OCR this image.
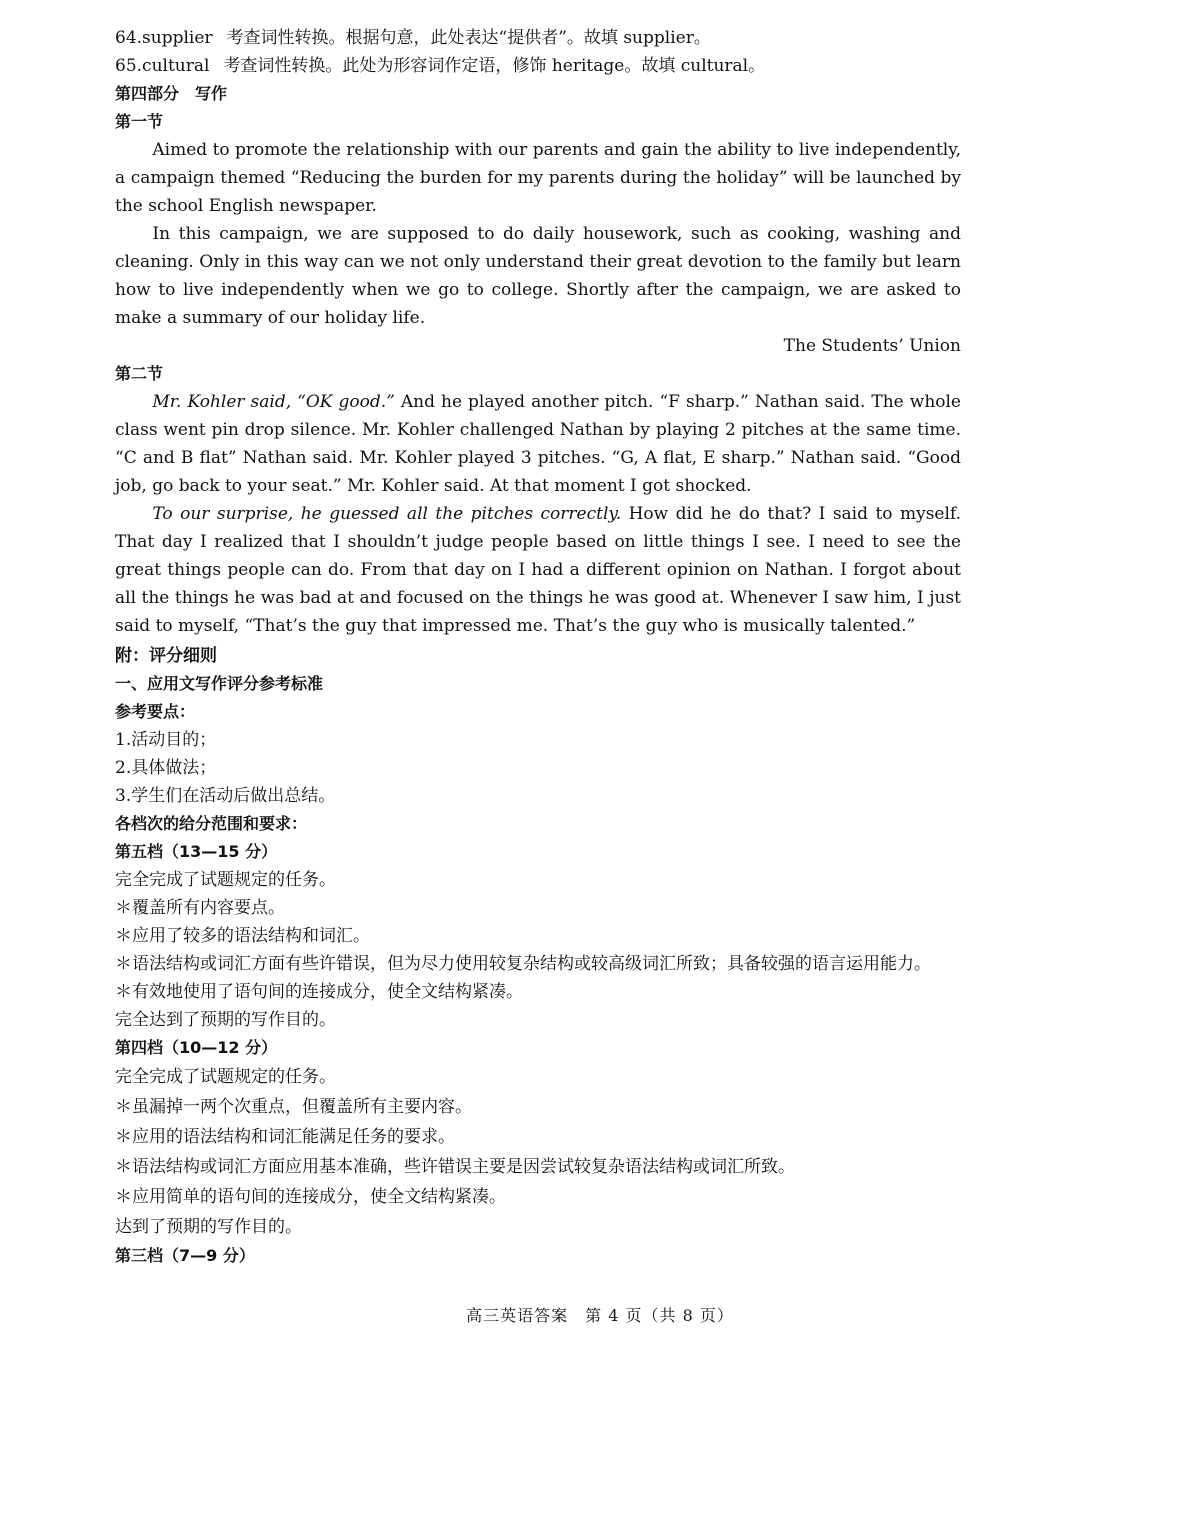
64.supplier 考查词性转换。根据句意，此处表达“提供者”。故填 supplier。
65.cultural 考查词性转换。此处为形容词作定语，修饰 heritage。故填 cultural。
第四部分　写作
第一节

Aimed to promote the relationship with our parents and gain the ability to live independently, a campaign themed “Reducing the burden for my parents during the holiday” will be launched by the school English newspaper.

In this campaign, we are supposed to do daily housework, such as cooking, washing and cleaning. Only in this way can we not only understand their great devotion to the family but learn how to live independently when we go to college. Shortly after the campaign, we are asked to make a summary of our holiday life.

The Students’ Union
第二节

Mr. Kohler said, “OK good.” And he played another pitch. “F sharp.” Nathan said. The whole class went pin drop silence. Mr. Kohler challenged Nathan by playing 2 pitches at the same time. “C and B flat” Nathan said. Mr. Kohler played 3 pitches. “G, A flat, E sharp.” Nathan said. “Good job, go back to your seat.” Mr. Kohler said. At that moment I got shocked.

To our surprise, he guessed all the pitches correctly. How did he do that? I said to myself. That day I realized that I shouldn’t judge people based on little things I see. I need to see the great things people can do. From that day on I had a different opinion on Nathan. I forgot about all the things he was bad at and focused on the things he was good at. Whenever I saw him, I just said to myself, “That’s the guy that impressed me. That’s the guy who is musically talented.”

附：评分细则
一、应用文写作评分参考标准
参考要点：
1.活动目的；
2.具体做法；
3.学生们在活动后做出总结。
各档次的给分范围和要求：
第五档（13—15 分）
完全完成了试题规定的任务。
＊覆盖所有内容要点。
＊应用了较多的语法结构和词汇。
＊语法结构或词汇方面有些许错误，但为尽力使用较复杂结构或较高级词汇所致；具备较强的语言运用能力。
＊有效地使用了语句间的连接成分，使全文结构紧凑。
完全达到了预期的写作目的。
第四档（10—12 分）
完全完成了试题规定的任务。
＊虽漏掉一两个次重点，但覆盖所有主要内容。
＊应用的语法结构和词汇能满足任务的要求。
＊语法结构或词汇方面应用基本准确，些许错误主要是因尝试较复杂语法结构或词汇所致。
＊应用简单的语句间的连接成分，使全文结构紧凑。
达到了预期的写作目的。
第三档（7—9 分）
高三英语答案　第 4 页（共 8 页）
